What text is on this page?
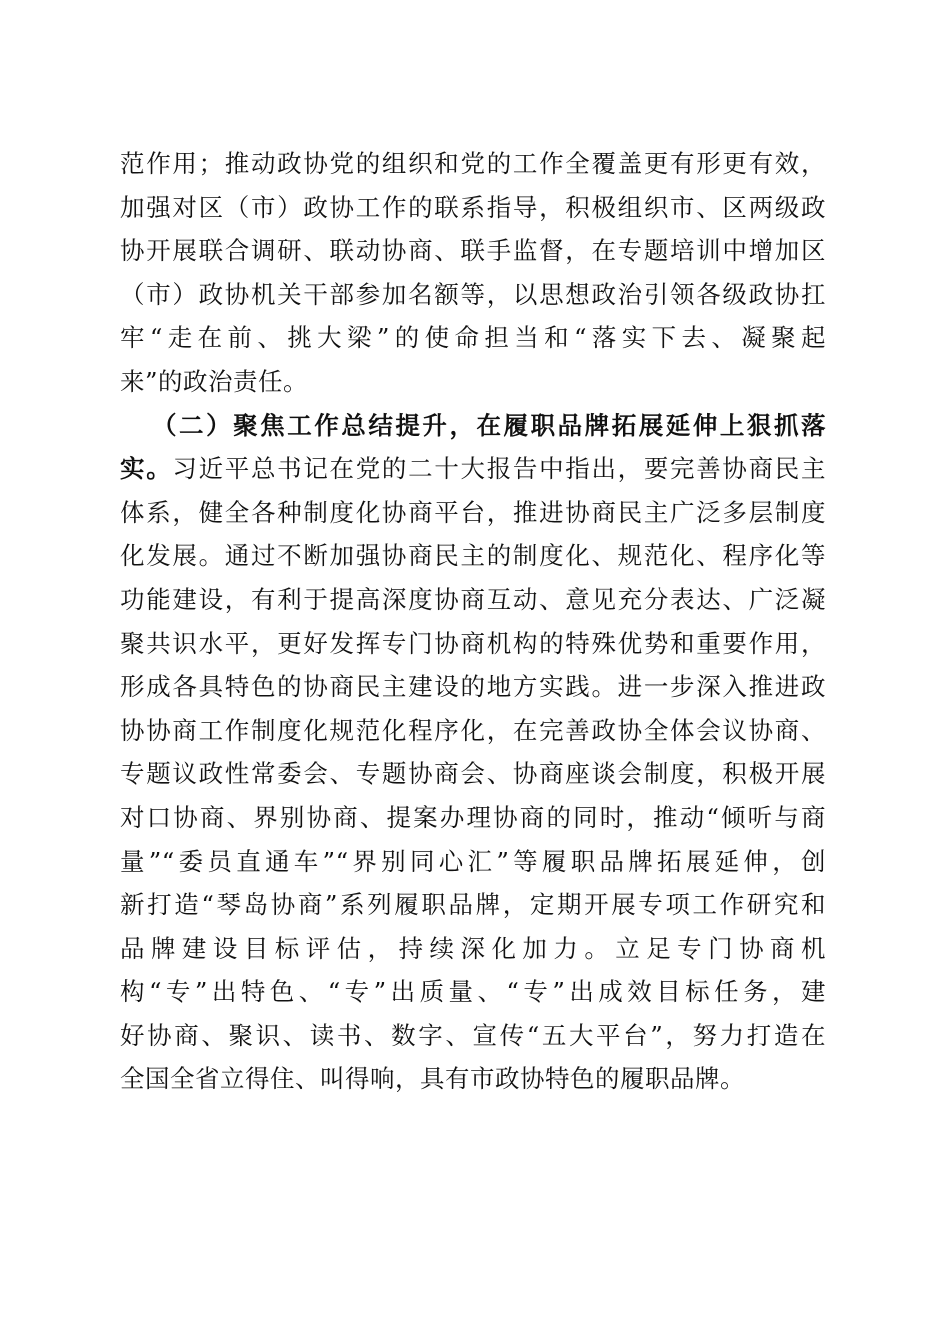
范作用；推动政协党的组织和党的工作全覆盖更有形更有效，
加强对区（市）政协工作的联系指导，积极组织市、区两级政
协开展联合调研、联动协商、联手监督，在专题培训中增加区
（市）政协机关干部参加名额等，以思想政治引领各级政协扛
牢“走在前、挑大梁”的使命担当和“落实下去、凝聚起
来”的政治责任。
（二）聚焦工作总结提升，在履职品牌拓展延伸上狠抓落
实。习近平总书记在党的二十大报告中指出，要完善协商民主
体系，健全各种制度化协商平台，推进协商民主广泛多层制度
化发展。通过不断加强协商民主的制度化、规范化、程序化等
功能建设，有利于提高深度协商互动、意见充分表达、广泛凝
聚共识水平，更好发挥专门协商机构的特殊优势和重要作用，
形成各具特色的协商民主建设的地方实践。进一步深入推进政
协协商工作制度化规范化程序化，在完善政协全体会议协商、
专题议政性常委会、专题协商会、协商座谈会制度，积极开展
对口协商、界别协商、提案办理协商的同时，推动“倾听与商
量”“委员直通车”“界别同心汇”等履职品牌拓展延伸，创
新打造“琴岛协商”系列履职品牌，定期开展专项工作研究和
品牌建设目标评估，持续深化加力。立足专门协商机
构“专”出特色、“专”出质量、“专”出成效目标任务，建
好协商、聚识、读书、数字、宣传“五大平台”，努力打造在
全国全省立得住、叫得响，具有市政协特色的履职品牌。
